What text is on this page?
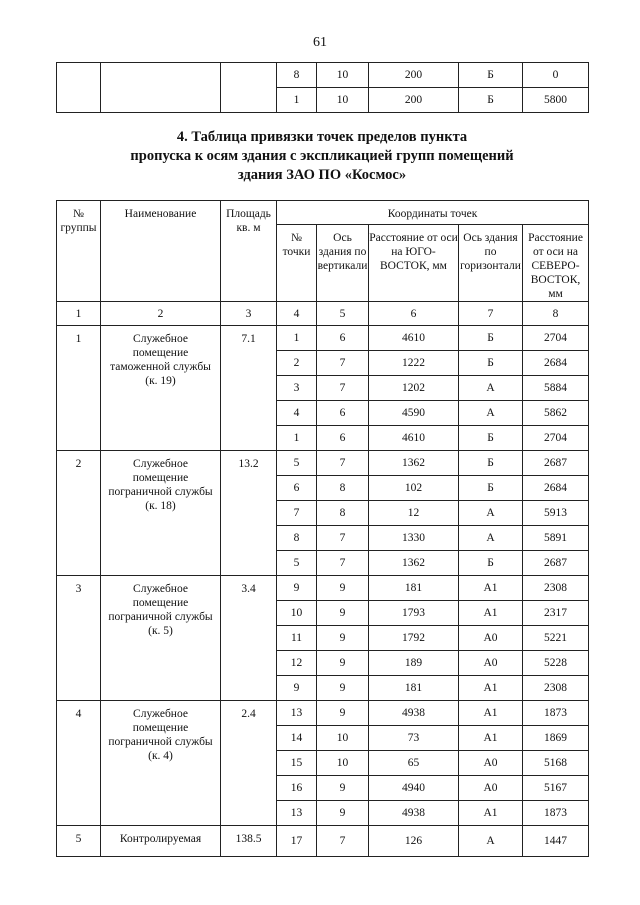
61
			8	10	200	Б	0
			1	10	200	Б	5800
4. Таблица привязки точек пределов пункта
пропуска к осям здания с экспликацией групп помещений
здания ЗАО ПО «Космос»
№ группы	Наименование	Площадь кв. м	Координаты точек				
			№ точки	Ось здания по вертикали	Расстояние от оси на ЮГО-ВОСТОК, мм	Ось здания по горизонтали	Расстояние от оси на СЕВЕРО-ВОСТОК, мм
1	2	3	4	5	6	7	8
1	Служебное помещение таможенной службы (к. 19)	7.1	1	6	4610	Б	2704
			2	7	1222	Б	2684
			3	7	1202	А	5884
			4	6	4590	А	5862
			1	6	4610	Б	2704
2	Служебное помещение пограничной службы (к. 18)	13.2	5	7	1362	Б	2687
			6	8	102	Б	2684
			7	8	12	А	5913
			8	7	1330	А	5891
			5	7	1362	Б	2687
3	Служебное помещение пограничной службы (к. 5)	3.4	9	9	181	А1	2308
			10	9	1793	А1	2317
			11	9	1792	А0	5221
			12	9	189	А0	5228
			9	9	181	А1	2308
4	Служебное помещение пограничной службы (к. 4)	2.4	13	9	4938	А1	1873
			14	10	73	А1	1869
			15	10	65	А0	5168
			16	9	4940	А0	5167
			13	9	4938	А1	1873
5	Контролируемая	138.5	17	7	126	А	1447
